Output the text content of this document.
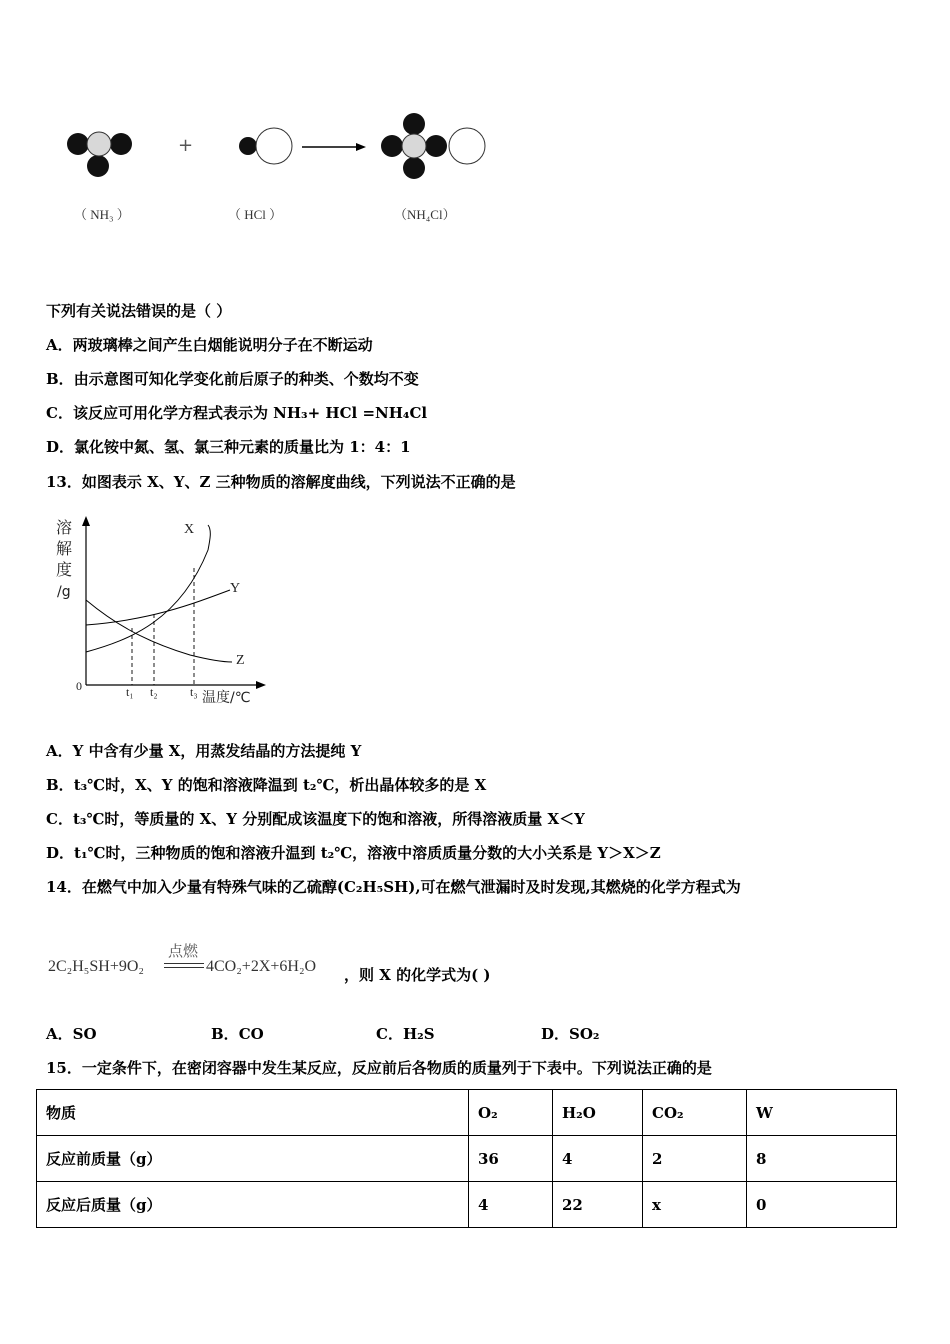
+
（ NH₃ ）	（ HCl ）	（NH₄Cl）
下列有关说法错误的是（ ）
A．两玻璃棒之间产生白烟能说明分子在不断运动
B．由示意图可知化学变化前后原子的种类、个数均不变
C．该反应可用化学方程式表示为 NH₃+ HCl =NH₄Cl
D．氯化铵中氮、氢、氯三种元素的质量比为 1：4：1
13．如图表示 X、Y、Z 三种物质的溶解度曲线，下列说法不正确的是
溶
解
度
/g
0
X
Y
Z
t₁ t₂	t₃ 温度/℃
A．Y 中含有少量 X，用蒸发结晶的方法提纯 Y
B．t₃℃时，X、Y 的饱和溶液降温到 t₂℃，析出晶体较多的是 X
C．t₃℃时，等质量的 X、Y 分别配成该温度下的饱和溶液，所得溶液质量 X＜Y
D．t₁℃时，三种物质的饱和溶液升温到 t₂℃，溶液中溶质质量分数的大小关系是 Y＞X＞Z
14．在燃气中加入少量有特殊气味的乙硫醇(C₂H₅SH),可在燃气泄漏时及时发现,其燃烧的化学方程式为
2C₂H₅SH+9O₂
点燃
4CO₂+2X+6H₂O ，则 X 的化学式为( )
A．SO	B．CO	C．H₂S	D．SO₂
15．一定条件下，在密闭容器中发生某反应，反应前后各物质的质量列于下表中。下列说法正确的是
物质	O₂	H₂O	CO₂	W
反应前质量（g）	36	4	2	8
反应后质量（g）	4	22	x	0
